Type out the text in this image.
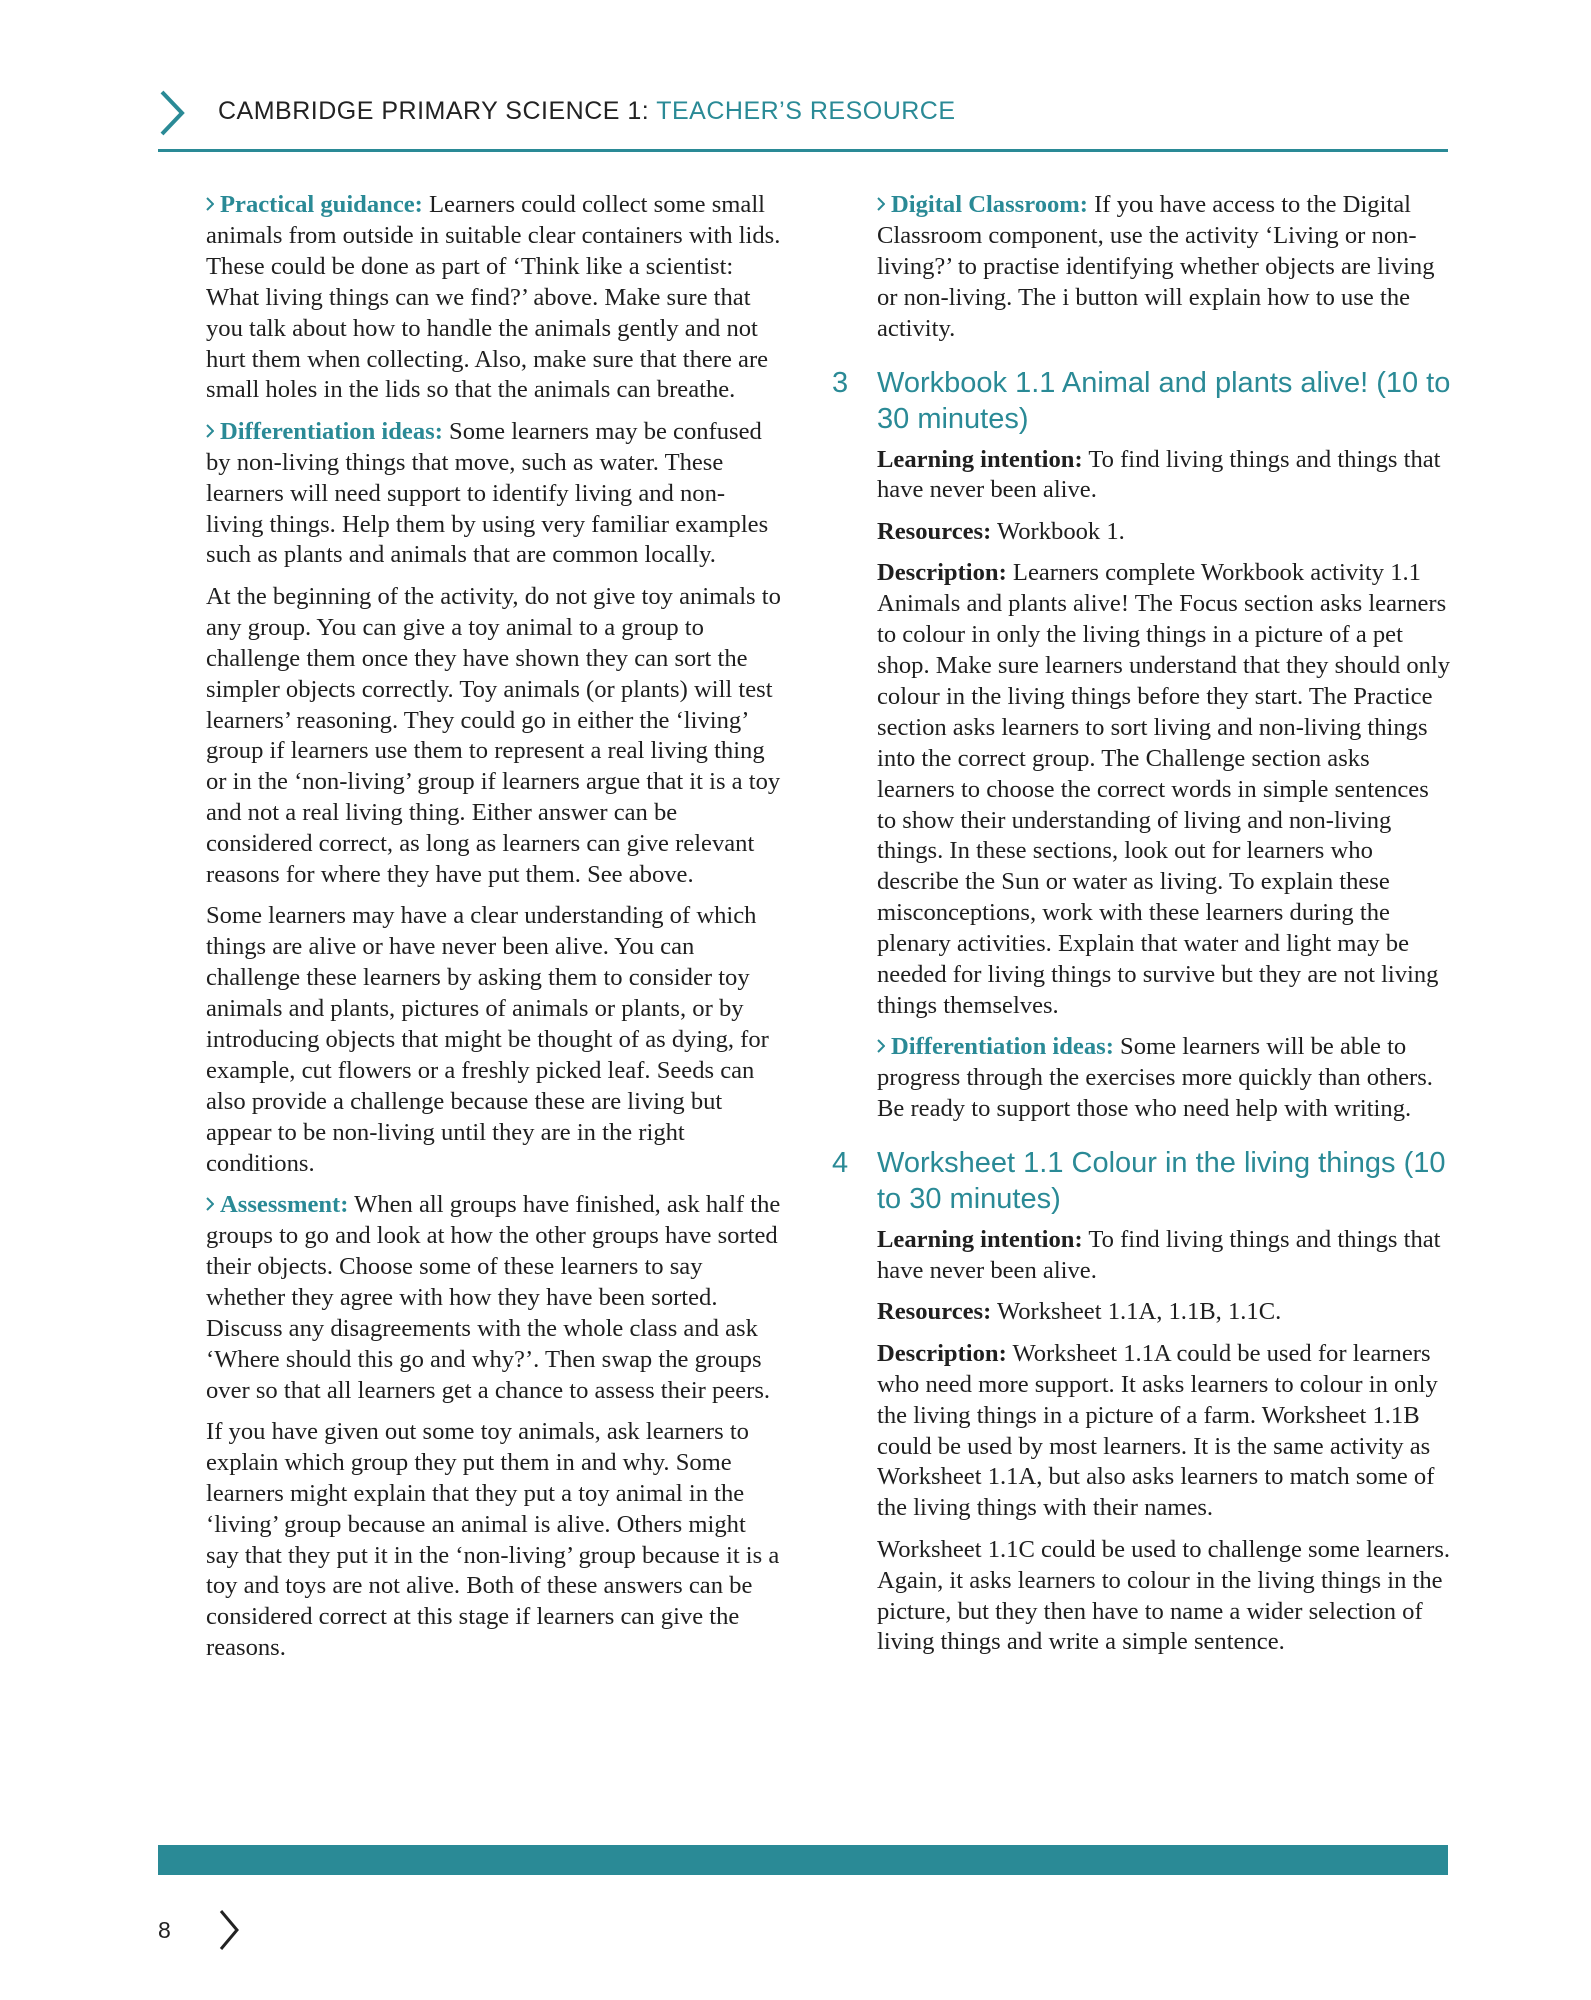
CAMBRIDGE PRIMARY SCIENCE 1: TEACHER’S RESOURCE

Practical guidance: Learners could collect some small animals from outside in suitable clear containers with lids. These could be done as part of ‘Think like a scientist: What living things can we find?’ above. Make sure that you talk about how to handle the animals gently and not hurt them when collecting. Also, make sure that there are small holes in the lids so that the animals can breathe.

Differentiation ideas: Some learners may be confused by non-living things that move, such as water. These learners will need support to identify living and non-living things. Help them by using very familiar examples such as plants and animals that are common locally.

At the beginning of the activity, do not give toy animals to any group. You can give a toy animal to a group to challenge them once they have shown they can sort the simpler objects correctly. Toy animals (or plants) will test learners’ reasoning. They could go in either the ‘living’ group if learners use them to represent a real living thing or in the ‘non-living’ group if learners argue that it is a toy and not a real living thing. Either answer can be considered correct, as long as learners can give relevant reasons for where they have put them. See above.

Some learners may have a clear understanding of which things are alive or have never been alive. You can challenge these learners by asking them to consider toy animals and plants, pictures of animals or plants, or by introducing objects that might be thought of as dying, for example, cut flowers or a freshly picked leaf. Seeds can also provide a challenge because these are living but appear to be non-living until they are in the right conditions.

Assessment: When all groups have finished, ask half the groups to go and look at how the other groups have sorted their objects. Choose some of these learners to say whether they agree with how they have been sorted. Discuss any disagreements with the whole class and ask ‘Where should this go and why?’. Then swap the groups over so that all learners get a chance to assess their peers.

If you have given out some toy animals, ask learners to explain which group they put them in and why. Some learners might explain that they put a toy animal in the ‘living’ group because an animal is alive. Others might say that they put it in the ‘non-living’ group because it is a toy and toys are not alive. Both of these answers can be considered correct at this stage if learners can give the reasons.

Digital Classroom: If you have access to the Digital Classroom component, use the activity ‘Living or non-living?’ to practise identifying whether objects are living or non-living. The i button will explain how to use the activity.

3 Workbook 1.1 Animal and plants alive! (10 to 30 minutes)

Learning intention: To find living things and things that have never been alive.

Resources: Workbook 1.

Description: Learners complete Workbook activity 1.1 Animals and plants alive! The Focus section asks learners to colour in only the living things in a picture of a pet shop. Make sure learners understand that they should only colour in the living things before they start. The Practice section asks learners to sort living and non-living things into the correct group. The Challenge section asks learners to choose the correct words in simple sentences to show their understanding of living and non-living things. In these sections, look out for learners who describe the Sun or water as living. To explain these misconceptions, work with these learners during the plenary activities. Explain that water and light may be needed for living things to survive but they are not living things themselves.

Differentiation ideas: Some learners will be able to progress through the exercises more quickly than others. Be ready to support those who need help with writing.

4 Worksheet 1.1 Colour in the living things (10 to 30 minutes)

Learning intention: To find living things and things that have never been alive.

Resources: Worksheet 1.1A, 1.1B, 1.1C.

Description: Worksheet 1.1A could be used for learners who need more support. It asks learners to colour in only the living things in a picture of a farm. Worksheet 1.1B could be used by most learners. It is the same activity as Worksheet 1.1A, but also asks learners to match some of the living things with their names.

Worksheet 1.1C could be used to challenge some learners. Again, it asks learners to colour in the living things in the picture, but they then have to name a wider selection of living things and write a simple sentence.

8
